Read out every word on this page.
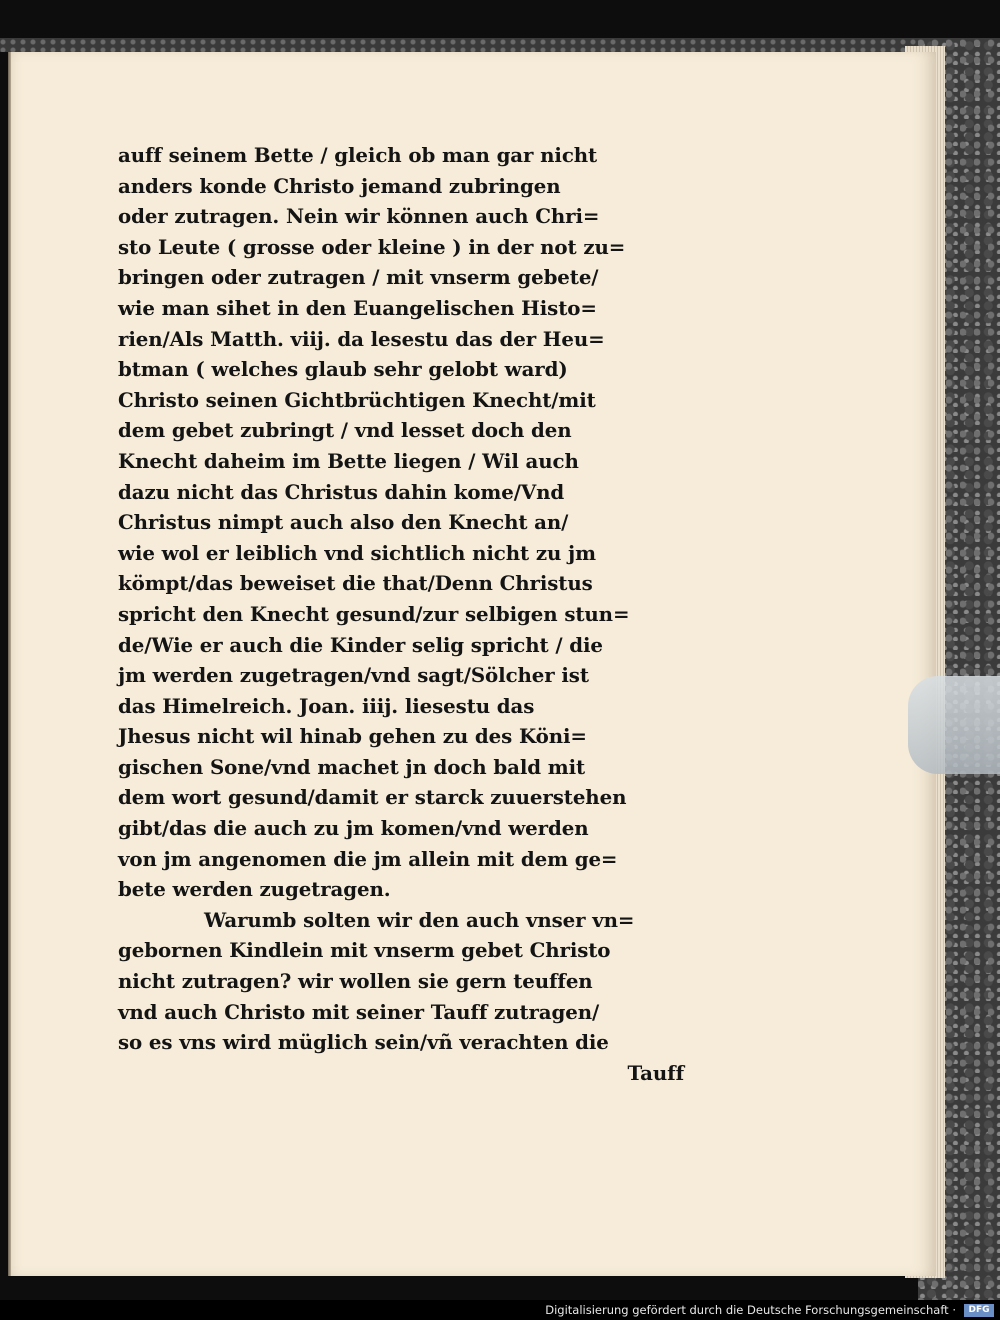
auff seinem Bette / gleich ob man gar nicht
anders konde Christo jemand zubringen
oder zutragen. Nein wir können auch Chri=
sto Leute ( grosse oder kleine ) in der not zu=
bringen oder zutragen / mit vnserm gebete/
wie man sihet in den Euangelischen Histo=
rien/Als Matth. viij. da lesestu das der Heu=
btman ( welches glaub sehr gelobt ward)
Christo seinen Gichtbrüchtigen Knecht/mit
dem gebet zubringt / vnd lesset doch den
Knecht daheim im Bette liegen / Wil auch
dazu nicht das Christus dahin kome/Vnd
Christus nimpt auch also den Knecht an/
wie wol er leiblich vnd sichtlich nicht zu jm
kömpt/das beweiset die that/Denn Christus
spricht den Knecht gesund/zur selbigen stun=
de/Wie er auch die Kinder selig spricht / die
jm werden zugetragen/vnd sagt/Sölcher ist
das Himelreich. Joan. iiij. liesestu das
Jhesus nicht wil hinab gehen zu des Köni=
gischen Sone/vnd machet jn doch bald mit
dem wort gesund/damit er starck zuuerstehen
gibt/das die auch zu jm komen/vnd werden
von jm angenomen die jm allein mit dem ge=
bete werden zugetragen.
Warumb solten wir den auch vnser vn=
gebornen Kindlein mit vnserm gebet Christo
nicht zutragen? wir wollen sie gern teuffen
vnd auch Christo mit seiner Tauff zutragen/
so es vns wird müglich sein/vñ verachten die
Tauff
Digitalisierung gefördert durch die Deutsche Forschungsgemeinschaft ·	DFG
